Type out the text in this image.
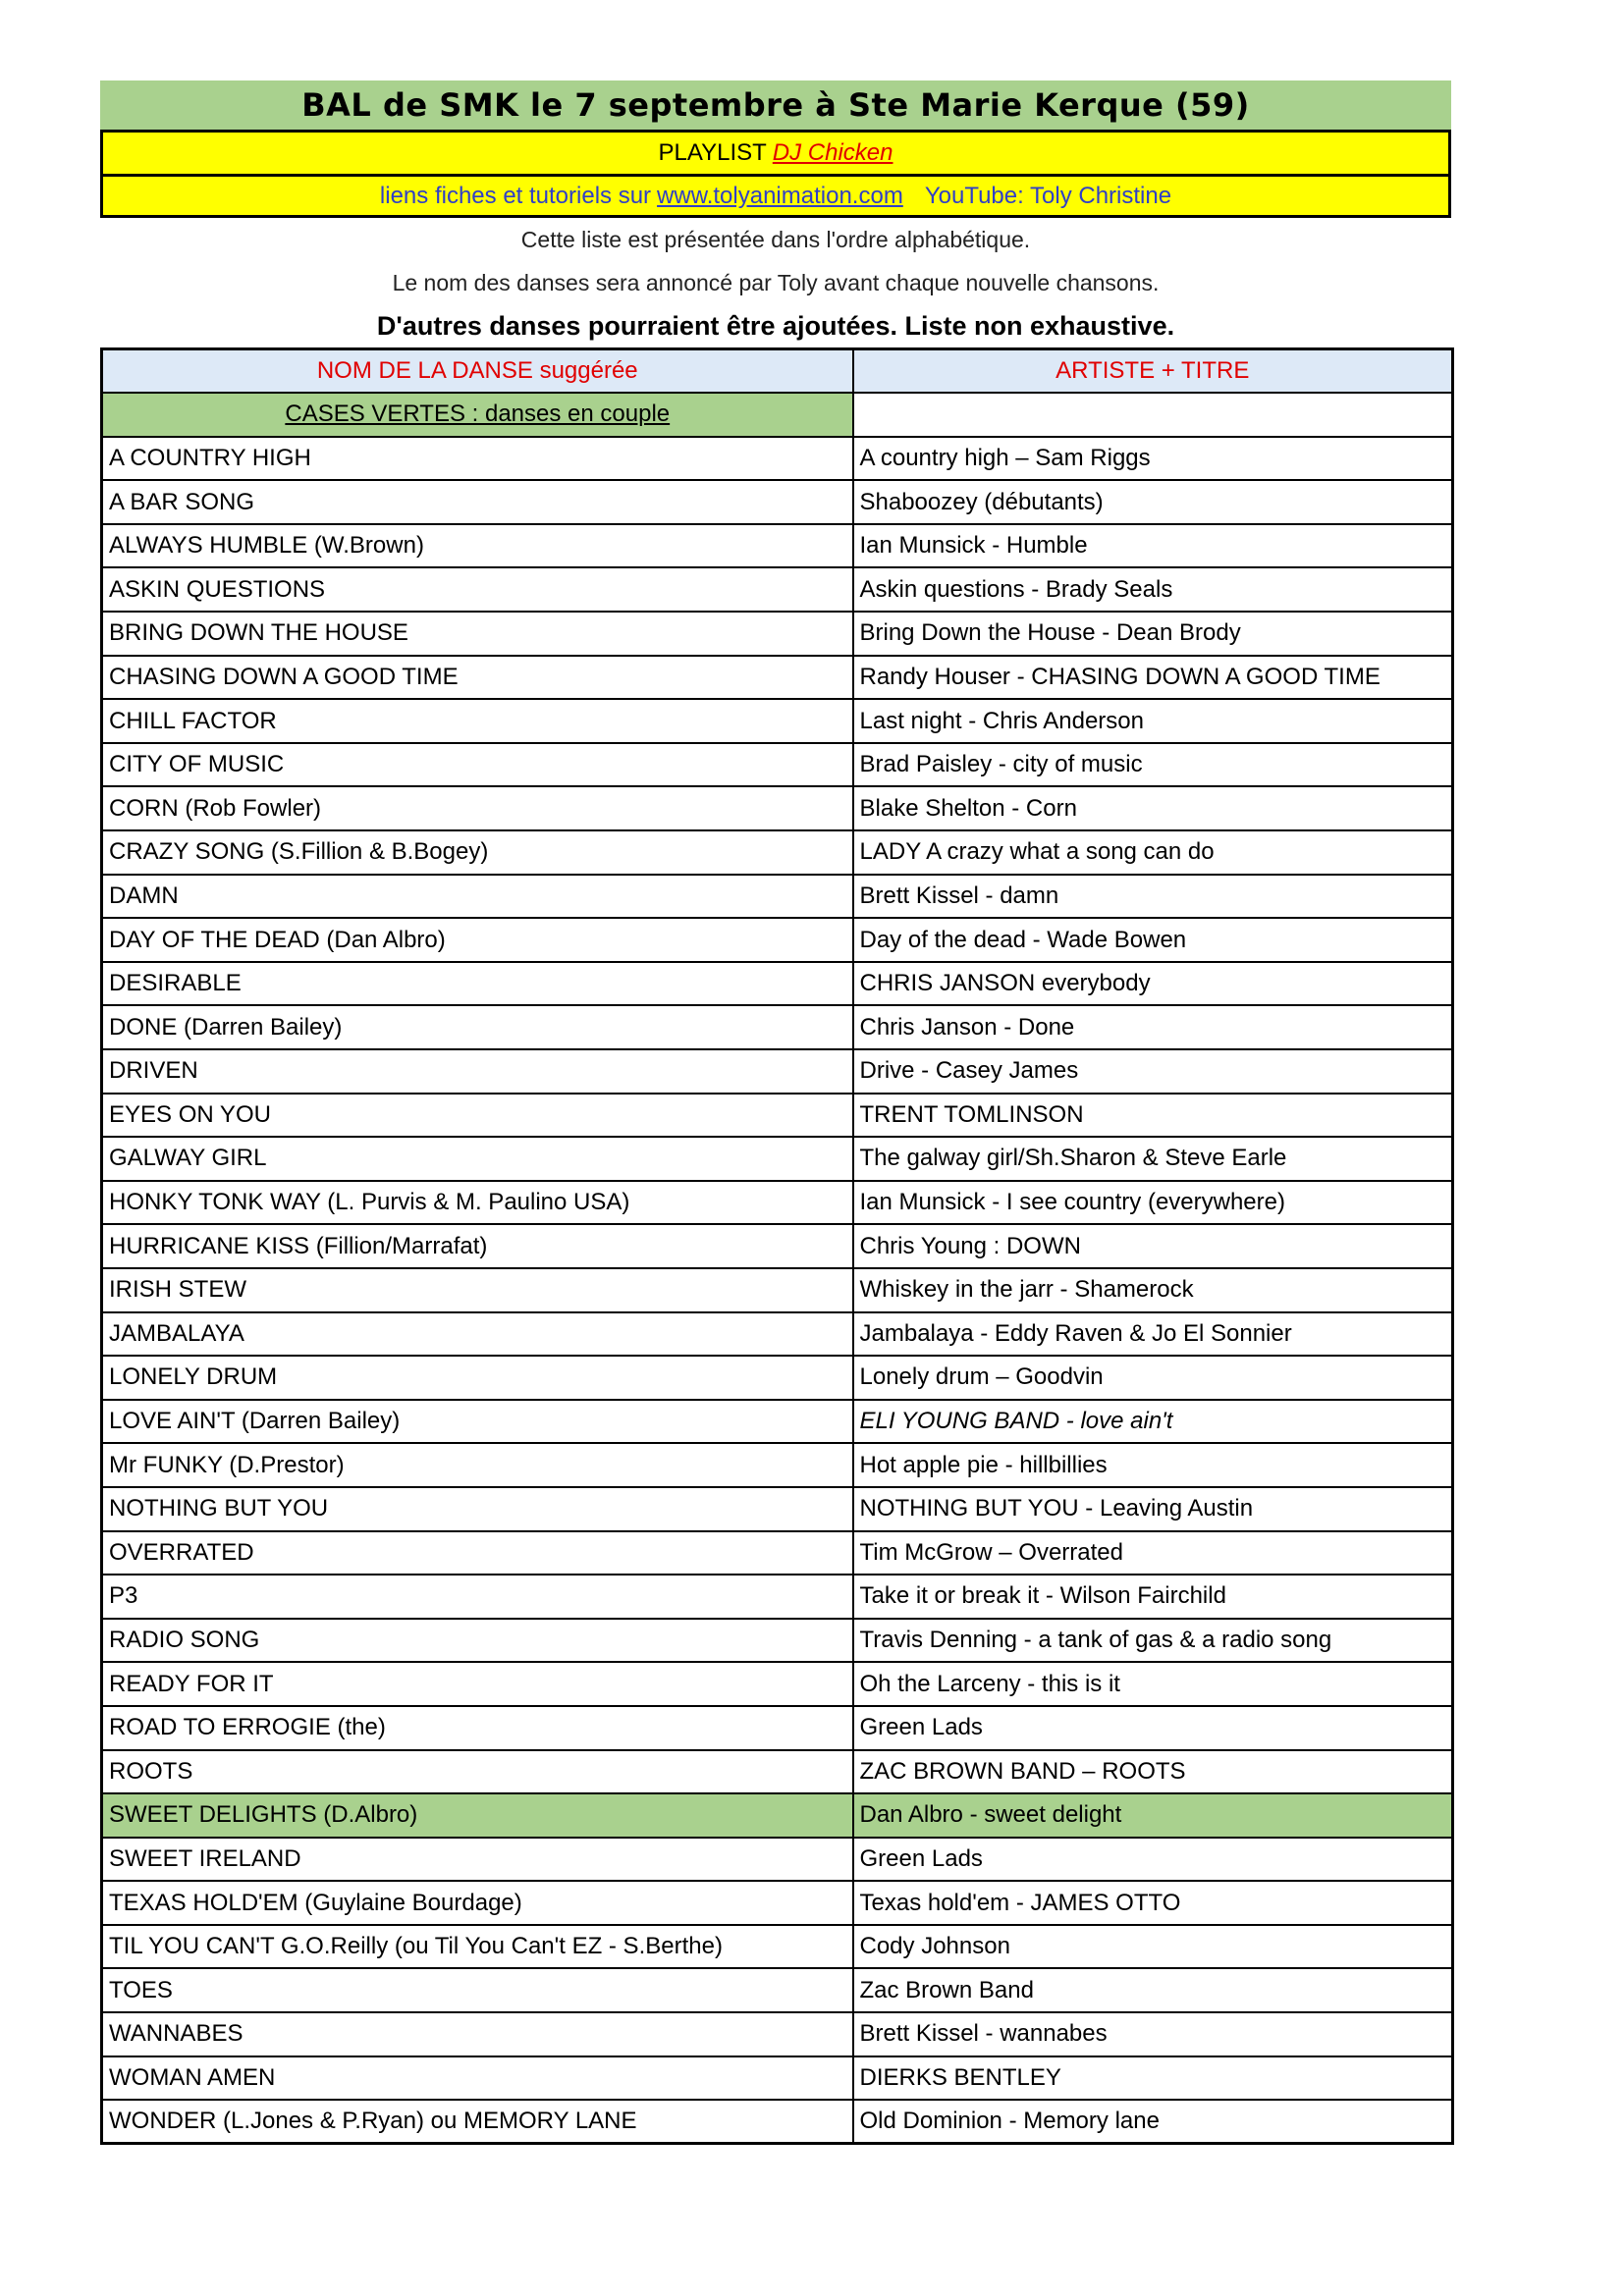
BAL de SMK le 7 septembre à Ste Marie Kerque (59)
PLAYLIST DJ Chicken
liens fiches et tutoriels sur www.tolyanimation.com YouTube: Toly Christine
Cette liste est présentée dans l'ordre alphabétique.
Le nom des danses sera annoncé par Toly avant chaque nouvelle chansons.
D'autres danses pourraient être ajoutées. Liste non exhaustive.
NOM DE LA DANSE suggérée	ARTISTE + TITRE
CASES VERTES : danses en couple	
A COUNTRY HIGH	A country high – Sam Riggs
A BAR SONG	Shaboozey (débutants)
ALWAYS HUMBLE (W.Brown)	Ian Munsick - Humble
ASKIN QUESTIONS	Askin questions - Brady Seals
BRING DOWN THE HOUSE	Bring Down the House - Dean Brody
CHASING DOWN A GOOD TIME	Randy Houser - CHASING DOWN A GOOD TIME
CHILL FACTOR	Last night - Chris Anderson
CITY OF MUSIC	Brad Paisley - city of music
CORN (Rob Fowler)	Blake Shelton - Corn
CRAZY SONG (S.Fillion & B.Bogey)	LADY A crazy what a song can do
DAMN	Brett Kissel - damn
DAY OF THE DEAD (Dan Albro)	Day of the dead - Wade Bowen
DESIRABLE	CHRIS JANSON everybody
DONE (Darren Bailey)	Chris Janson - Done
DRIVEN	Drive - Casey James
EYES ON YOU	TRENT TOMLINSON
GALWAY GIRL	The galway girl/Sh.Sharon & Steve Earle
HONKY TONK WAY (L. Purvis & M. Paulino USA)	Ian Munsick - I see country (everywhere)
HURRICANE KISS (Fillion/Marrafat)	Chris Young : DOWN
IRISH STEW	Whiskey in the jarr - Shamerock
JAMBALAYA	Jambalaya - Eddy Raven & Jo El Sonnier
LONELY DRUM	Lonely drum – Goodvin
LOVE AIN'T (Darren Bailey)	ELI YOUNG BAND - love ain't
Mr FUNKY (D.Prestor)	Hot apple pie - hillbillies
NOTHING BUT YOU	NOTHING BUT YOU - Leaving Austin
OVERRATED	Tim McGrow – Overrated
P3	Take it or break it - Wilson Fairchild
RADIO SONG	Travis Denning - a tank of gas & a radio song
READY FOR IT	Oh the Larceny - this is it
ROAD TO ERROGIE (the)	Green Lads
ROOTS	ZAC BROWN BAND – ROOTS
SWEET DELIGHTS (D.Albro)	Dan Albro - sweet delight
SWEET IRELAND	Green Lads
TEXAS HOLD'EM (Guylaine Bourdage)	Texas hold'em - JAMES OTTO
TIL YOU CAN'T G.O.Reilly (ou Til You Can't EZ - S.Berthe)	Cody Johnson
TOES	Zac Brown Band
WANNABES	Brett Kissel - wannabes
WOMAN AMEN	DIERKS BENTLEY
WONDER (L.Jones & P.Ryan) ou MEMORY LANE	Old Dominion - Memory lane
